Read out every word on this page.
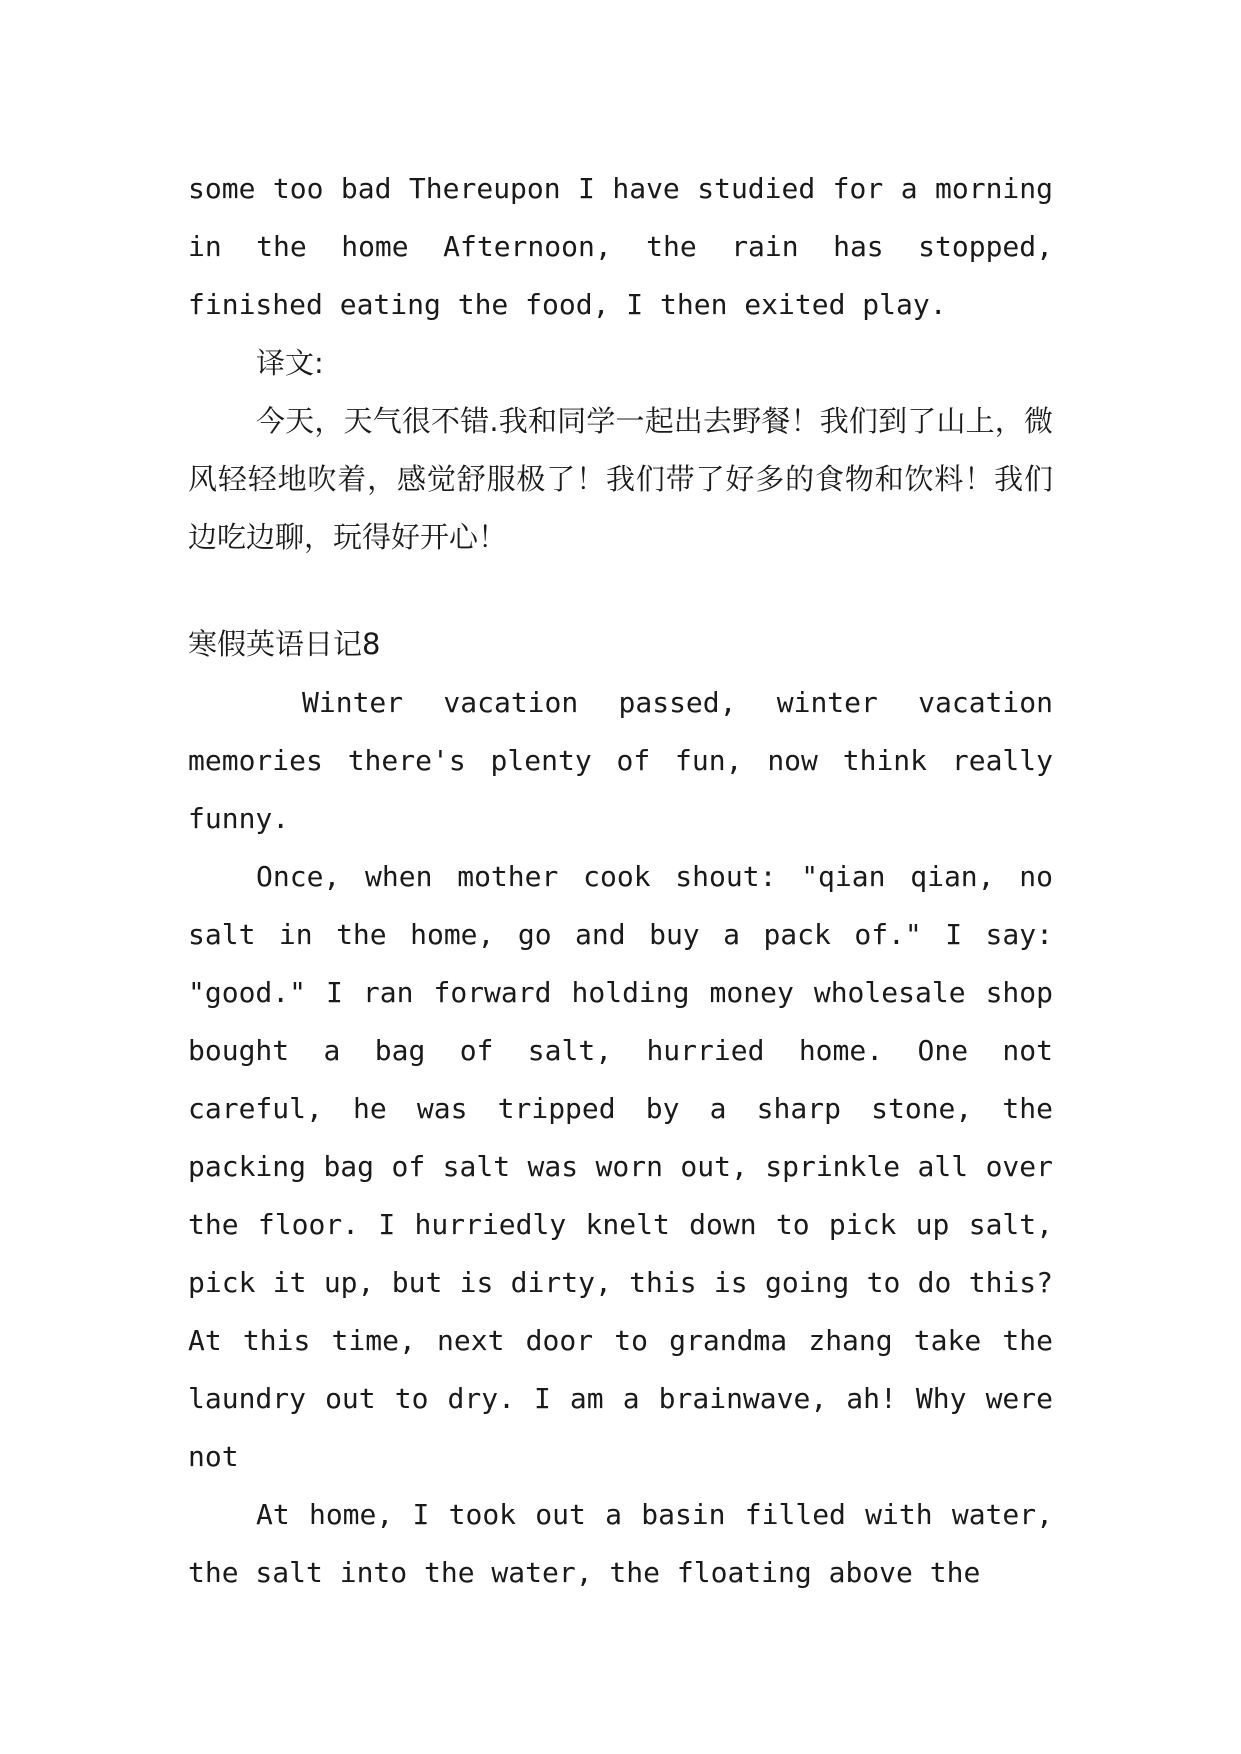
some too bad Thereupon I have studied for a morning in the home Afternoon, the rain has stopped, finished eating the food, I then exited play.

译文:

今天，天气很不错.我和同学一起出去野餐！我们到了山上，微风轻轻地吹着，感觉舒服极了！我们带了好多的食物和饮料！我们边吃边聊，玩得好开心！

寒假英语日记8

Winter vacation passed, winter vacation memories there's plenty of fun, now think really funny.

Once, when mother cook shout: "qian qian, no salt in the home, go and buy a pack of." I say: "good." I ran forward holding money wholesale shop bought a bag of salt, hurried home. One not careful, he was tripped by a sharp stone, the packing bag of salt was worn out, sprinkle all over the floor. I hurriedly knelt down to pick up salt, pick it up, but is dirty, this is going to do this? At this time, next door to grandma zhang take the laundry out to dry. I am a brainwave, ah! Why were not

At home, I took out a basin filled with water, the salt into the water, the floating above the
